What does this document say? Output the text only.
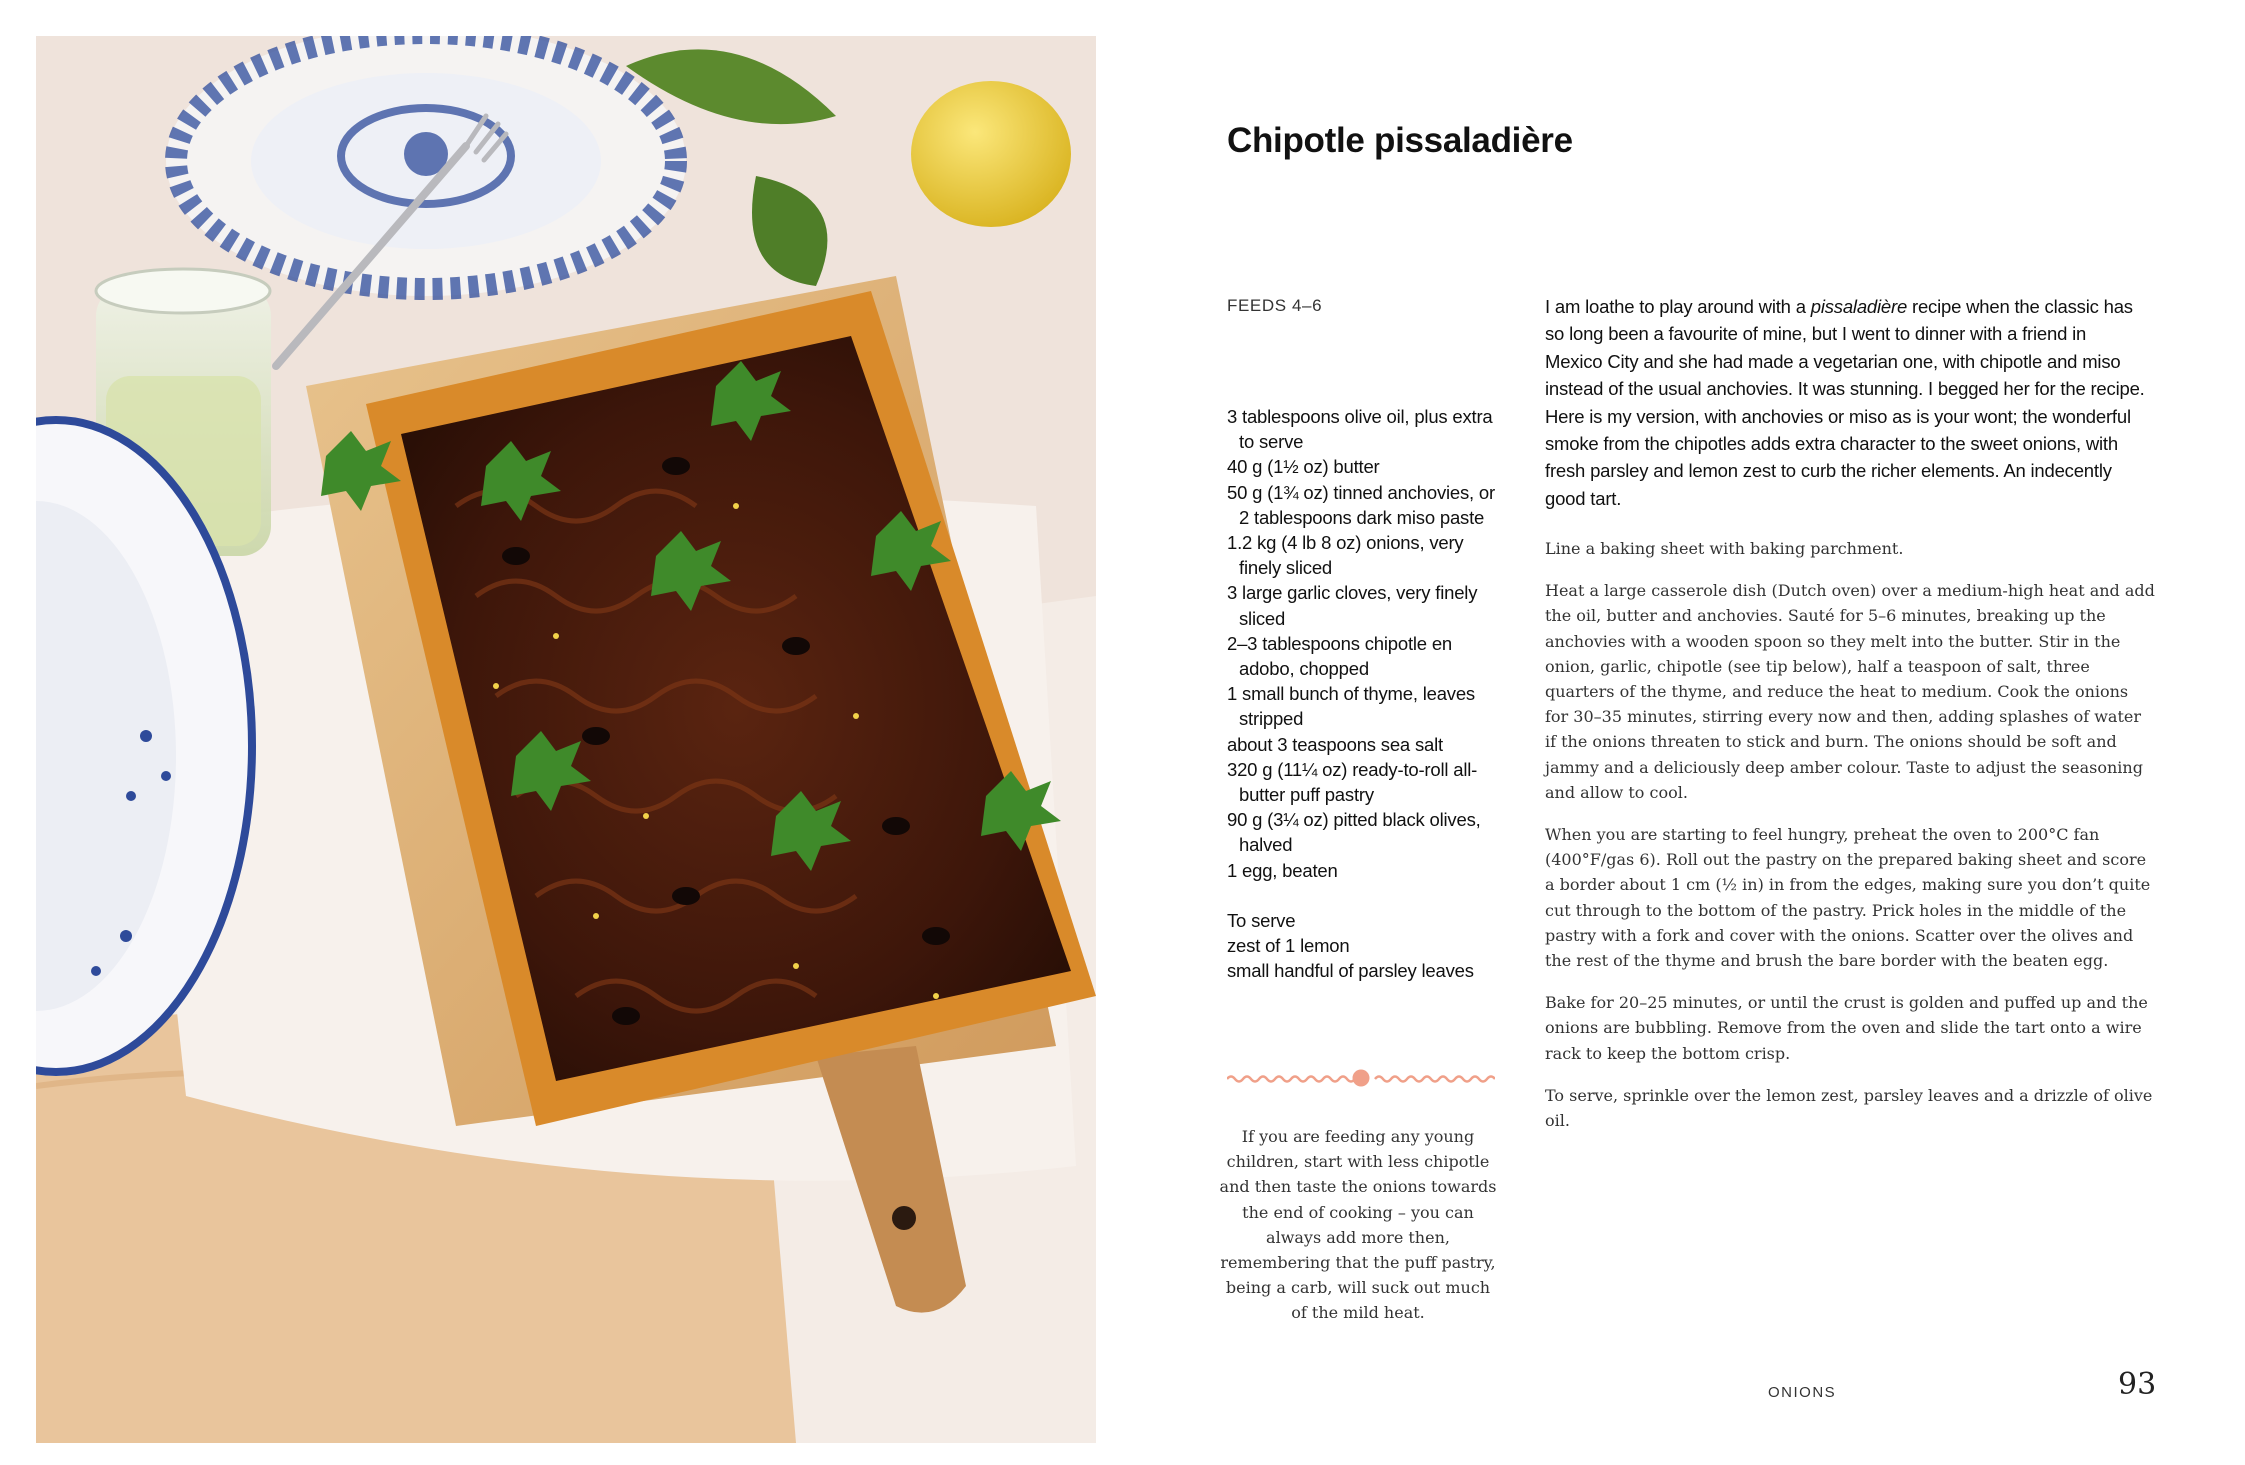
Chipotle pissaladière
FEEDS 4–6

3 tablespoons olive oil, plus extra to serve

40 g (1½ oz) butter

50 g (1¾ oz) tinned anchovies, or 2 tablespoons dark miso paste

1.2 kg (4 lb 8 oz) onions, very finely sliced

3 large garlic cloves, very finely sliced

2–3 tablespoons chipotle en adobo, chopped

1 small bunch of thyme, leaves stripped

about 3 teaspoons sea salt

320 g (11¼ oz) ready-to-roll all-butter puff pastry

90 g (3¼ oz) pitted black olives, halved

1 egg, beaten

To serve

zest of 1 lemon

small handful of parsley leaves

If you are feeding any young children, start with less chipotle and then taste the onions towards the end of cooking – you can always add more then, remembering that the puff pastry, being a carb, will suck out much of the mild heat.
I am loathe to play around with a pissaladière recipe when the classic has so long been a favourite of mine, but I went to dinner with a friend in Mexico City and she had made a vegetarian one, with chipotle and miso instead of the usual anchovies. It was stunning. I begged her for the recipe. Here is my version, with anchovies or miso as is your wont; the wonderful smoke from the chipotles adds extra character to the sweet onions, with fresh parsley and lemon zest to curb the richer elements. An indecently good tart.

Line a baking sheet with baking parchment.

Heat a large casserole dish (Dutch oven) over a medium-high heat and add the oil, butter and anchovies. Sauté for 5–6 minutes, breaking up the anchovies with a wooden spoon so they melt into the butter. Stir in the onion, garlic, chipotle (see tip below), half a teaspoon of salt, three quarters of the thyme, and reduce the heat to medium. Cook the onions for 30–35 minutes, stirring every now and then, adding splashes of water if the onions threaten to stick and burn. The onions should be soft and jammy and a deliciously deep amber colour. Taste to adjust the seasoning and allow to cool.

When you are starting to feel hungry, preheat the oven to 200°C fan (400°F/gas 6). Roll out the pastry on the prepared baking sheet and score a border about 1 cm (½ in) in from the edges, making sure you don’t quite cut through to the bottom of the pastry. Prick holes in the middle of the pastry with a fork and cover with the onions. Scatter over the olives and the rest of the thyme and brush the bare border with the beaten egg.

Bake for 20–25 minutes, or until the crust is golden and puffed up and the onions are bubbling. Remove from the oven and slide the tart onto a wire rack to keep the bottom crisp.

To serve, sprinkle over the lemon zest, parsley leaves and a drizzle of olive oil.

ONIONS	93
